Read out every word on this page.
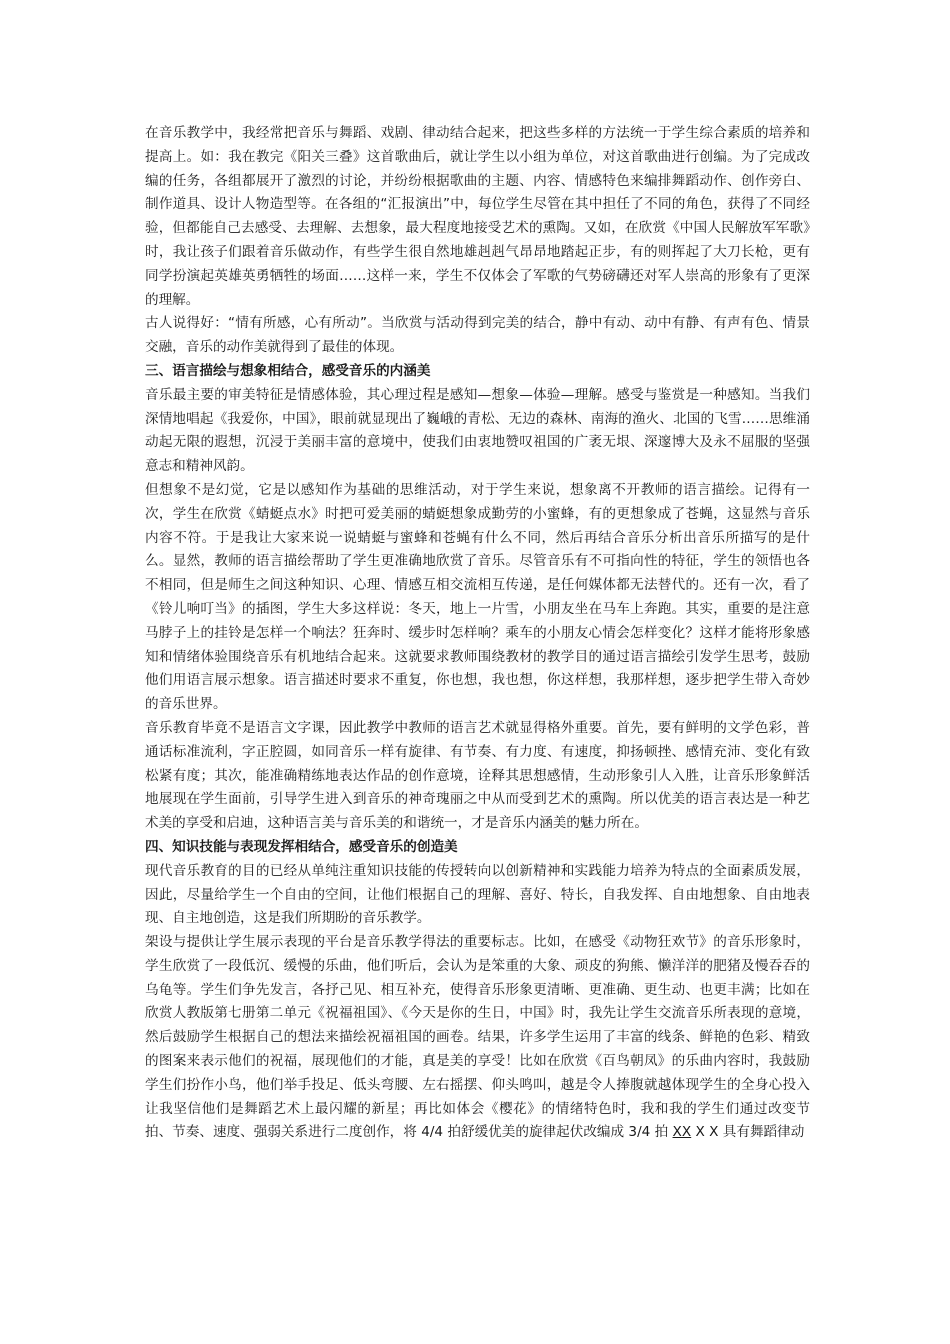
在音乐教学中，我经常把音乐与舞蹈、戏剧、律动结合起来，把这些多样的方法统一于学生综合素质的培养和提高上。如：我在教完《阳关三叠》这首歌曲后，就让学生以小组为单位，对这首歌曲进行创编。为了完成改编的任务，各组都展开了激烈的讨论，并纷纷根据歌曲的主题、内容、情感特色来编排舞蹈动作、创作旁白、制作道具、设计人物造型等。在各组的“汇报演出”中，每位学生尽管在其中担任了不同的角色，获得了不同经验，但都能自己去感受、去理解、去想象，最大程度地接受艺术的熏陶。又如，在欣赏《中国人民解放军军歌》时，我让孩子们跟着音乐做动作，有些学生很自然地雄赳赳气昂昂地踏起正步，有的则挥起了大刀长枪，更有同学扮演起英雄英勇牺牲的场面……这样一来，学生不仅体会了军歌的气势磅礴还对军人崇高的形象有了更深的理解。

古人说得好：“情有所感，心有所动”。当欣赏与活动得到完美的结合，静中有动、动中有静、有声有色、情景交融，音乐的动作美就得到了最佳的体现。

三、语言描绘与想象相结合，感受音乐的内涵美

音乐最主要的审美特征是情感体验，其心理过程是感知—想象—体验—理解。感受与鉴赏是一种感知。当我们深情地唱起《我爱你，中国》，眼前就显现出了巍峨的青松、无边的森林、南海的渔火、北国的飞雪……思维涌动起无限的遐想，沉浸于美丽丰富的意境中，使我们由衷地赞叹祖国的广袤无垠、深邃博大及永不屈服的坚强意志和精神风韵。

但想象不是幻觉，它是以感知作为基础的思维活动，对于学生来说，想象离不开教师的语言描绘。记得有一次，学生在欣赏《蜻蜓点水》时把可爱美丽的蜻蜓想象成勤劳的小蜜蜂，有的更想象成了苍蝇，这显然与音乐内容不符。于是我让大家来说一说蜻蜓与蜜蜂和苍蝇有什么不同，然后再结合音乐分析出音乐所描写的是什么。显然，教师的语言描绘帮助了学生更准确地欣赏了音乐。尽管音乐有不可指向性的特征，学生的领悟也各不相同，但是师生之间这种知识、心理、情感互相交流相互传递，是任何媒体都无法替代的。还有一次，看了《铃儿响叮当》的插图，学生大多这样说：冬天，地上一片雪，小朋友坐在马车上奔跑。其实，重要的是注意马脖子上的挂铃是怎样一个响法？狂奔时、缓步时怎样响？乘车的小朋友心情会怎样变化？这样才能将形象感知和情绪体验围绕音乐有机地结合起来。这就要求教师围绕教材的教学目的通过语言描绘引发学生思考，鼓励他们用语言展示想象。语言描述时要求不重复，你也想，我也想，你这样想，我那样想，逐步把学生带入奇妙的音乐世界。

音乐教育毕竟不是语言文字课，因此教学中教师的语言艺术就显得格外重要。首先，要有鲜明的文学色彩，普通话标准流利，字正腔圆，如同音乐一样有旋律、有节奏、有力度、有速度，抑扬顿挫、感情充沛、变化有致松紧有度；其次，能准确精练地表达作品的创作意境，诠释其思想感情，生动形象引人入胜，让音乐形象鲜活地展现在学生面前，引导学生进入到音乐的神奇瑰丽之中从而受到艺术的熏陶。所以优美的语言表达是一种艺术美的享受和启迪，这种语言美与音乐美的和谐统一，才是音乐内涵美的魅力所在。

四、知识技能与表现发挥相结合，感受音乐的创造美

现代音乐教育的目的已经从单纯注重知识技能的传授转向以创新精神和实践能力培养为特点的全面素质发展，因此，尽量给学生一个自由的空间，让他们根据自己的理解、喜好、特长，自我发挥、自由地想象、自由地表现、自主地创造，这是我们所期盼的音乐教学。

架设与提供让学生展示表现的平台是音乐教学得法的重要标志。比如，在感受《动物狂欢节》的音乐形象时，学生欣赏了一段低沉、缓慢的乐曲，他们听后，会认为是笨重的大象、顽皮的狗熊、懒洋洋的肥猪及慢吞吞的乌龟等。学生们争先发言，各抒己见、相互补充，使得音乐形象更清晰、更准确、更生动、也更丰满；比如在欣赏人教版第七册第二单元《祝福祖国》、《今天是你的生日，中国》时，我先让学生交流音乐所表现的意境，然后鼓励学生根据自己的想法来描绘祝福祖国的画卷。结果，许多学生运用了丰富的线条、鲜艳的色彩、精致的图案来表示他们的祝福，展现他们的才能，真是美的享受！比如在欣赏《百鸟朝凤》的乐曲内容时，我鼓励学生们扮作小鸟，他们举手投足、低头弯腰、左右摇摆、仰头鸣叫，越是令人捧腹就越体现学生的全身心投入让我坚信他们是舞蹈艺术上最闪耀的新星；再比如体会《樱花》的情绪特色时，我和我的学生们通过改变节拍、节奏、速度、强弱关系进行二度创作，将 4/4 拍舒缓优美的旋律起伏改编成 3/4 拍 XX X X 具有舞蹈律动
